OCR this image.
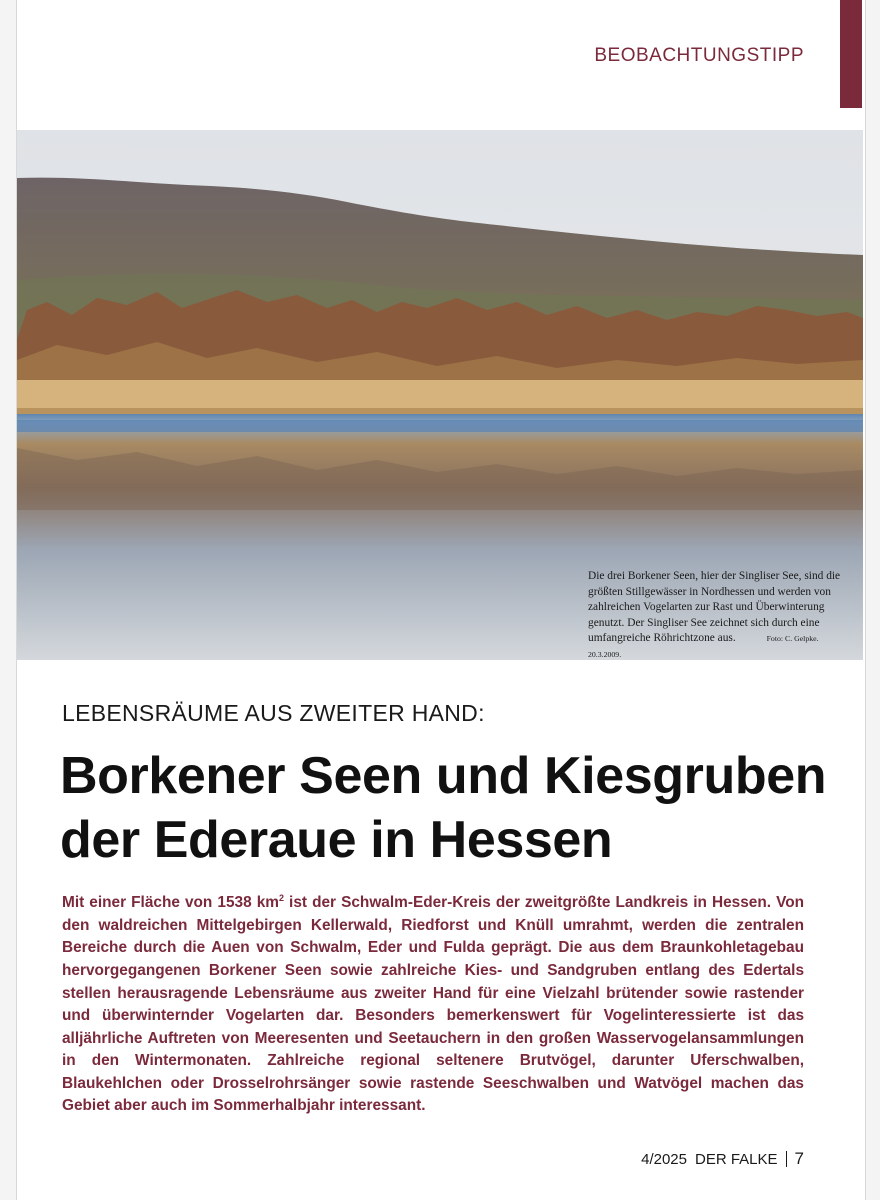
BEOBACHTUNGSTIPP
Die drei Borkener Seen, hier der Singliser See, sind die größten Stillgewässer in Nordhessen und werden von zahlreichen Vogelarten zur Rast und Überwinterung genutzt. Der Singliser See zeichnet sich durch eine umfangreiche Röhrichtzone aus.	Foto: C. Gelpke. 20.3.2009.
LEBENSRÄUME AUS ZWEITER HAND:
Borkener Seen und Kiesgruben
der Ederaue in Hessen

Mit einer Fläche von 1538 $km^2$ ist der Schwalm-Eder-Kreis der zweitgrößte Landkreis in Hessen. Von den waldreichen Mittelgebirgen Kellerwald, Riedforst und Knüll umrahmt, werden die zentralen Bereiche durch die Auen von Schwalm, Eder und Fulda geprägt. Die aus dem Braunkohletagebau hervorgegangenen Borkener Seen sowie zahlreiche Kies- und Sandgruben entlang des Edertals stellen herausragende Lebensräume aus zweiter Hand für eine Vielzahl brütender sowie rastender und überwinternder Vogelarten dar. Besonders bemerkenswert für Vogelinteressierte ist das alljährliche Auftreten von Meeresenten und Seetauchern in den großen Wasservogelansammlungen in den Wintermonaten. Zahlreiche regional seltenere Brutvögel, darunter Uferschwalben, Blaukehlchen oder Drosselrohrsänger sowie rastende Seeschwalben und Watvögel machen das Gebiet aber auch im Sommerhalbjahr interessant.

4/2025 DER FALKE 7
